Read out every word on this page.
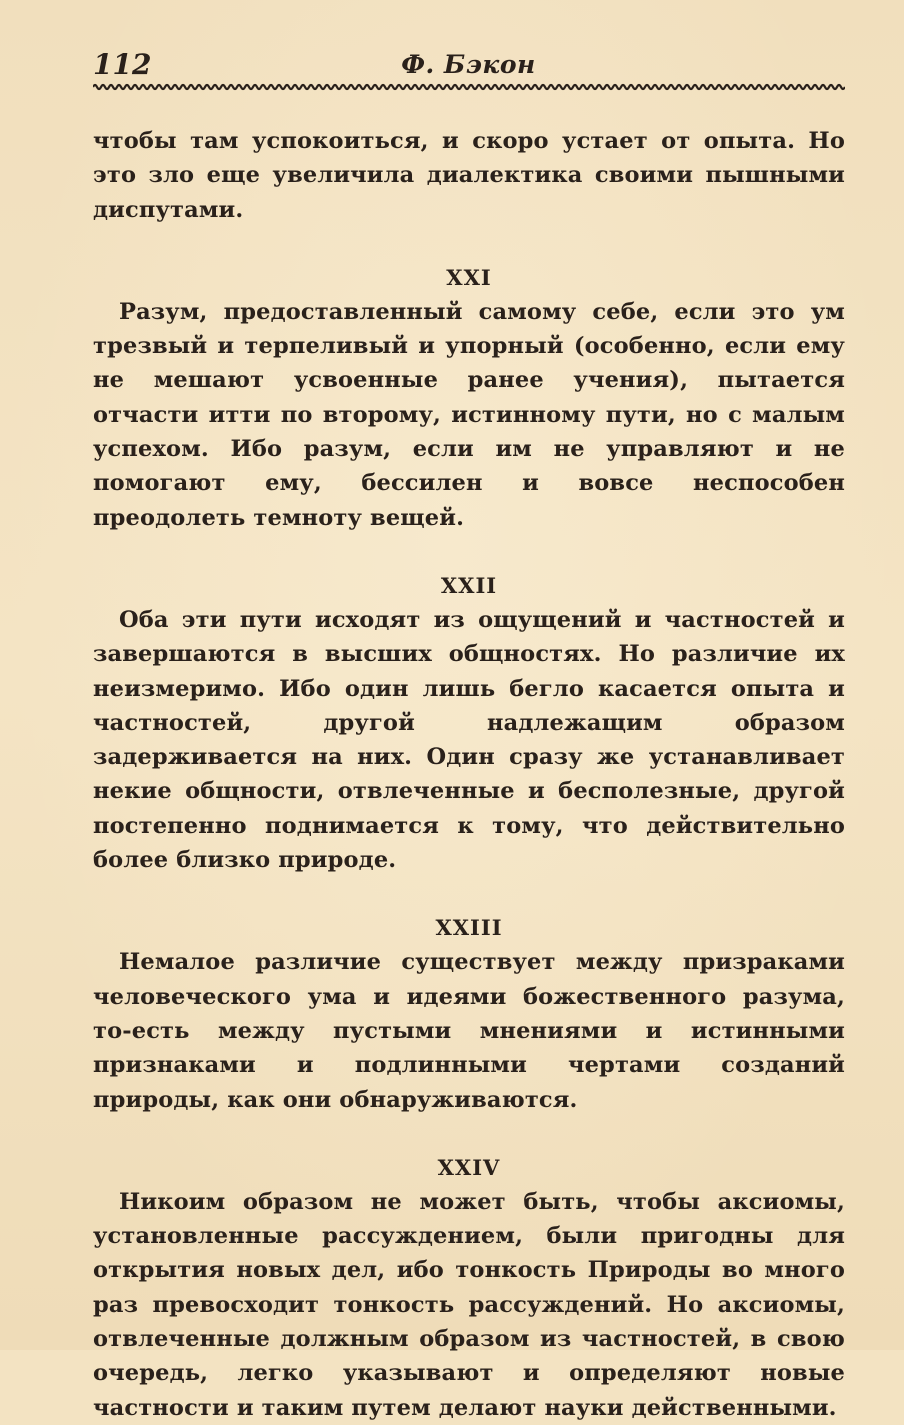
112	Ф. Бэкон

чтобы там успокоиться, и скоро устает от опыта. Но это зло еще увеличила диалектика своими пышными диспутами.

XXI

Разум, предоставленный самому себе, если это ум трезвый и терпеливый и упорный (особенно, если ему не мешают усвоенные ранее учения), пытается отчасти итти по второму, истинному пути, но с малым успехом. Ибо разум, если им не управляют и не помогают ему, бессилен и вовсе неспособен преодолеть темноту вещей.

XXII

Оба эти пути исходят из ощущений и частностей и завершаются в высших общностях. Но различие их неизмеримо. Ибо один лишь бегло касается опыта и частностей, другой надлежащим образом задерживается на них. Один сразу же устанавливает некие общности, отвлеченные и бесполезные, другой постепенно поднимается к тому, что действительно более близко природе.

XXIII

Немалое различие существует между призраками человеческого ума и идеями божественного разума, то-есть между пустыми мнениями и истинными признаками и подлинными чертами созданий природы, как они обнаруживаются.

XXIV

Никоим образом не может быть, чтобы аксиомы, установленные рассуждением, были пригодны для открытия новых дел, ибо тонкость Природы во много раз превосходит тонкость рассуждений. Но аксиомы, отвлеченные должным образом из частностей, в свою очередь, легко указывают и определяют новые частности и таким путем делают науки действенными.
